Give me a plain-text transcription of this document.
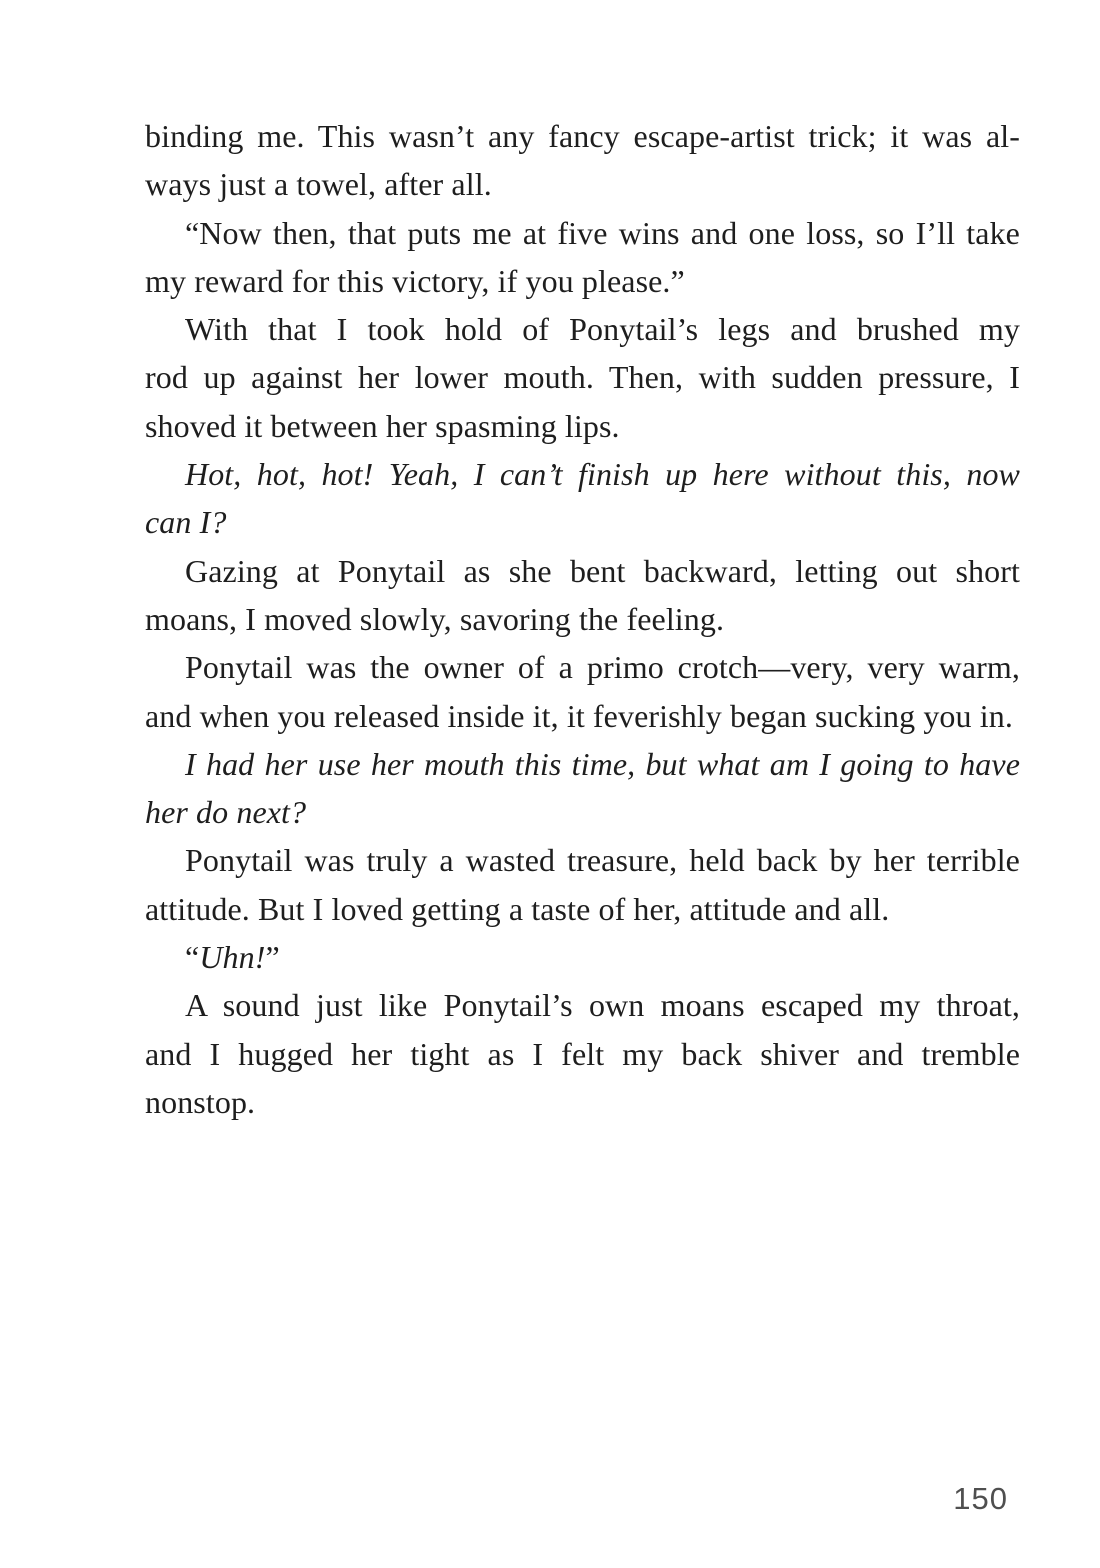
binding me. This wasn’t any fancy escape-artist trick; it was al-
ways just a towel, after all.
“Now then, that puts me at five wins and one loss, so I’ll take
my reward for this victory, if you please.”
With that I took hold of Ponytail’s legs and brushed my
rod up against her lower mouth. Then, with sudden pressure, I
shoved it between her spasming lips.
Hot, hot, hot! Yeah, I can’t finish up here without this, now
can I?
Gazing at Ponytail as she bent backward, letting out short
moans, I moved slowly, savoring the feeling.
Ponytail was the owner of a primo crotch—very, very warm,
and when you released inside it, it feverishly began sucking you in.
I had her use her mouth this time, but what am I going to have
her do next?
Ponytail was truly a wasted treasure, held back by her terrible
attitude. But I loved getting a taste of her, attitude and all.
“Uhn!”
A sound just like Ponytail’s own moans escaped my throat,
and I hugged her tight as I felt my back shiver and tremble
nonstop.
150
